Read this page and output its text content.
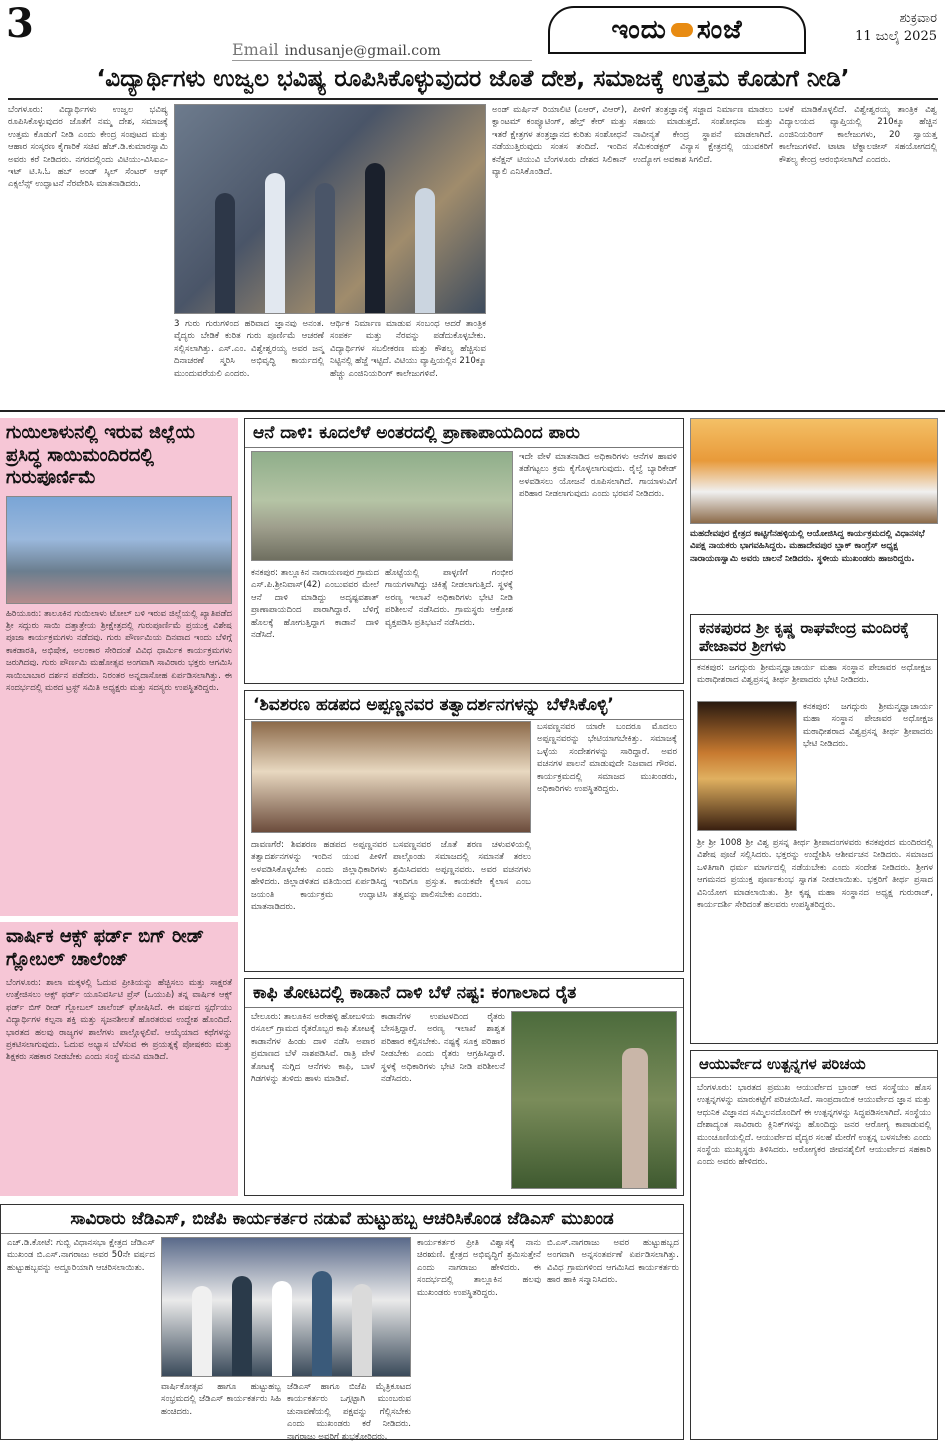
3
Email indusanje@gmail.com
ಇಂದು ಸಂಜೆ	ಶುಕ್ರವಾರ
11 ಜುಲೈ 2025
‘ವಿದ್ಯಾರ್ಥಿಗಳು ಉಜ್ವಲ ಭವಿಷ್ಯ ರೂಪಿಸಿಕೊಳ್ಳುವುದರ ಜೊತೆ ದೇಶ, ಸಮಾಜಕ್ಕೆ ಉತ್ತಮ ಕೊಡುಗೆ ನೀಡಿ’
ಬೆಂಗಳೂರು: ವಿದ್ಯಾರ್ಥಿಗಳು ಉಜ್ವಲ ಭವಿಷ್ಯ ರೂಪಿಸಿಕೊಳ್ಳುವುದರ ಜೊತೆಗೆ ನಮ್ಮ ದೇಶ, ಸಮಾಜಕ್ಕೆ ಉತ್ತಮ ಕೊಡುಗೆ ನೀಡಿ ಎಂದು ಕೇಂದ್ರ ಸಂಪುಟದ ಮತ್ತು ಆಹಾರ ಸಂಸ್ಕರಣ ಕೈಗಾರಿಕೆ ಸಚಿವ ಹೆಚ್.ಡಿ.ಕುಮಾರಸ್ವಾಮಿ ಅವರು ಕರೆ ನೀಡಿದರು. ನಗರದಲ್ಲಿಂದು ವಿಟಿಯು-ವಿಸಿಐಎ-ಇಟ್ ಟಿ.ಸಿ.ಓ ಹಬ್ ಅಂಡ್ ಸ್ಕಿಲ್ ಸೆಂಟರ್ ಆಫ್ ಎಕ್ಸಲೆನ್ಸ್ ಉದ್ಘಾಟನೆ ನೆರವೇರಿಸಿ ಮಾತನಾಡಿದರು.
3 ಗುರು ಗುರುಗಳಿಂದ ಹರಿವಾದ ಜ್ಞಾನವು ಅನಂತ. ವೈದ್ಯರು ಬೇಡಿಕೆ ಕುರಿತ ಗುರು ಪೂರ್ಣಿಮೆ ಆಚರಣೆ ಸಲ್ಲಿಸಲಾಗಿತ್ತು. ಎಸ್.ಎಂ. ವಿಶ್ವೇಶ್ವರಯ್ಯ ಅವರ ಜನ್ಮ ದಿನಾಚರಣೆ ಸ್ಮರಿಸಿ ಅಭಿವೃದ್ಧಿ ಕಾರ್ಯದಲ್ಲಿ ಮುಂದುವರೆಯಲಿ ಎಂದರು.
ಆರ್ಥಿಕ ನಿರ್ಮಾಣ ಮಾಡುವ ಸಂಬಂಧ ಆದರೆ ತಾಂತ್ರಿಕ ಸಂಪರ್ಕ ಮತ್ತು ನೆರವನ್ನು ಪಡೆದುಕೊಳ್ಳಬೇಕು. ವಿದ್ಯಾರ್ಥಿಗಳ ಸಬಲೀಕರಣ ಮತ್ತು ಕೌಶಲ್ಯ ಹೆಚ್ಚಿಸುವ ನಿಟ್ಟಿನಲ್ಲಿ ಹೆಜ್ಜೆ ಇಟ್ಟಿದೆ. ವಿಟಿಯು ವ್ಯಾಪ್ತಿಯಲ್ಲಿನ 210ಕ್ಕೂ ಹೆಚ್ಚು ಎಂಜಿನಿಯರಿಂಗ್ ಕಾಲೇಜುಗಳಿವೆ.
ಅಂಡ್ ಮರ್ಷಿನ್ ರಿಯಾಲಿಟಿ (ಎಆರ್, ವಿಆರ್), ಕ್ವಾಂಟಮ್ ಕಂಪ್ಯೂಟಿಂಗ್, ಹೆಲ್ತ್ ಕೇರ್ ಮತ್ತು ಇತರೆ ಕ್ಷೇತ್ರಗಳ ತಂತ್ರಜ್ಞಾನದ ಕುರಿತು ಸಂಶೋಧನೆ ನಡೆಯುತ್ತಿರುವುದು ಸಂತಸ ತಂದಿದೆ. ಇಂದಿನ ಕನೆಕ್ಷನ್ ಟಿಯುವಿ ಬೆಂಗಳೂರು ದೇಶದ ಸಿಲಿಕಾನ್ ವ್ಯಾಲಿ ಎನಿಸಿಕೊಂಡಿದೆ.
ಪೀಳಿಗೆ ತಂತ್ರಜ್ಞಾನಕ್ಕೆ ಸಜ್ಜಾದ ನಿರ್ಮಾಣ ಮಾಡಲು ಸಹಾಯ ಮಾಡುತ್ತದೆ. ಸಂಶೋಧನಾ ಮತ್ತು ನಾವೀನ್ಯತೆ ಕೇಂದ್ರ ಸ್ಥಾಪನೆ ಮಾಡಲಾಗಿದೆ. ಸೆಮಿಕಂಡಕ್ಟರ್ ವಿನ್ಯಾಸ ಕ್ಷೇತ್ರದಲ್ಲಿ ಯುವಕರಿಗೆ ಉದ್ಯೋಗ ಅವಕಾಶ ಸಿಗಲಿದೆ.
ಬಳಕೆ ಮಾಡಿಕೊಳ್ಳಲಿದೆ. ವಿಶ್ವೇಶ್ವರಯ್ಯ ತಾಂತ್ರಿಕ ವಿಶ್ವ ವಿದ್ಯಾಲಯದ ವ್ಯಾಪ್ತಿಯಲ್ಲಿ 210ಕ್ಕೂ ಹೆಚ್ಚಿನ ಎಂಜಿನಿಯರಿಂಗ್ ಕಾಲೇಜುಗಳು, 20 ಸ್ವಾಯತ್ತ ಕಾಲೇಜುಗಳಿವೆ. ಟಾಟಾ ಟೆಕ್ನಾಲಜೀಸ್ ಸಹಯೋಗದಲ್ಲಿ ಕೌಶಲ್ಯ ಕೇಂದ್ರ ಆರಂಭಿಸಲಾಗಿದೆ ಎಂದರು.
ಗುಯಿಲಾಳುನಲ್ಲಿ ಇರುವ ಜಿಲ್ಲೆಯ ಪ್ರಸಿದ್ಧ ಸಾಯಿಮಂದಿರದಲ್ಲಿ ಗುರುಪೂರ್ಣಿಮೆ
ಹಿರಿಯೂರು: ತಾಲೂಕಿನ ಗುಯಿಲಾಳು ಟೋಲ್ ಬಳಿ ಇರುವ ಜಿಲ್ಲೆಯಲ್ಲಿ ಖ್ಯಾತಿಪಡೆದ ಶ್ರೀ ಸದ್ಗುರು ಸಾಯಿ ದತ್ತಾತ್ರೇಯ ಶ್ರೀಕ್ಷೇತ್ರದಲ್ಲಿ ಗುರುಪೂರ್ಣಿಮೆ ಪ್ರಯುಕ್ತ ವಿಶೇಷ ಪೂಜಾ ಕಾರ್ಯಕ್ರಮಗಳು ನಡೆದವು. ಗುರು ಪೌರ್ಣಮಿಯ ದಿನವಾದ ಇಂದು ಬೆಳಿಗ್ಗೆ ಕಾಕಡಾರತಿ, ಅಭಿಷೇಕ, ಅಲಂಕಾರ ಸೇರಿದಂತೆ ವಿವಿಧ ಧಾರ್ಮಿಕ ಕಾರ್ಯಕ್ರಮಗಳು ಜರುಗಿದವು. ಗುರು ಪೌರ್ಣಮಿ ಮಹೋತ್ಸವ ಅಂಗವಾಗಿ ಸಾವಿರಾರು ಭಕ್ತರು ಆಗಮಿಸಿ ಸಾಯಿಬಾಬಾರ ದರ್ಶನ ಪಡೆದರು. ನಿರಂತರ ಅನ್ನದಾಸೋಹ ಏರ್ಪಡಿಸಲಾಗಿತ್ತು. ಈ ಸಂದರ್ಭದಲ್ಲಿ ಮಠದ ಟ್ರಸ್ಟ್ ಸಮಿತಿ ಅಧ್ಯಕ್ಷರು ಮತ್ತು ಸದಸ್ಯರು ಉಪಸ್ಥಿತರಿದ್ದರು.
ವಾರ್ಷಿಕ ಆಕ್ಸ್ ಫರ್ಡ್ ಬಿಗ್ ರೀಡ್ ಗ್ಲೋಬಲ್ ಚಾಲೆಂಜ್
ಬೆಂಗಳೂರು: ಶಾಲಾ ಮಕ್ಕಳಲ್ಲಿ ಓದುವ ಪ್ರೀತಿಯನ್ನು ಹೆಚ್ಚಿಸಲು ಮತ್ತು ಸಾಕ್ಷರತೆ ಉತ್ತೇಜಿಸಲು ಆಕ್ಸ್ ಫರ್ಡ್ ಯೂನಿವರ್ಸಿಟಿ ಪ್ರೆಸ್ (ಒಯುಪಿ) ತನ್ನ ವಾರ್ಷಿಕ ಆಕ್ಸ್ ಫರ್ಡ್ ಬಿಗ್ ರೀಡ್ ಗ್ಲೋಬಲ್ ಚಾಲೆಂಜ್ ಘೋಷಿಸಿದೆ. ಈ ವರ್ಷದ ಸ್ಪರ್ಧೆಯು ವಿದ್ಯಾರ್ಥಿಗಳ ಕಲ್ಪನಾ ಶಕ್ತಿ ಮತ್ತು ಸೃಜನಶೀಲತೆ ಹೊರತರುವ ಉದ್ದೇಶ ಹೊಂದಿದೆ. ಭಾರತದ ಹಲವು ರಾಜ್ಯಗಳ ಶಾಲೆಗಳು ಪಾಲ್ಗೊಳ್ಳಲಿವೆ. ಆಯ್ಕೆಯಾದ ಕಥೆಗಳನ್ನು ಪ್ರಕಟಿಸಲಾಗುವುದು. ಓದುವ ಅಭ್ಯಾಸ ಬೆಳೆಸುವ ಈ ಪ್ರಯತ್ನಕ್ಕೆ ಪೋಷಕರು ಮತ್ತು ಶಿಕ್ಷಕರು ಸಹಕಾರ ನೀಡಬೇಕು ಎಂದು ಸಂಸ್ಥೆ ಮನವಿ ಮಾಡಿದೆ.
ಆನೆ ದಾಳಿ: ಕೂದಲೆಳೆ ಅಂತರದಲ್ಲಿ ಪ್ರಾಣಾಪಾಯದಿಂದ ಪಾರು
ಇದೇ ವೇಳೆ ಮಾತನಾಡಿದ ಅಧಿಕಾರಿಗಳು ಆನೆಗಳ ಹಾವಳಿ ತಡೆಗಟ್ಟಲು ಕ್ರಮ ಕೈಗೊಳ್ಳಲಾಗುವುದು. ರೈಲ್ವೆ ಬ್ಯಾರಿಕೇಡ್ ಅಳವಡಿಸಲು ಯೋಜನೆ ರೂಪಿಸಲಾಗಿದೆ. ಗಾಯಾಳುವಿಗೆ ಪರಿಹಾರ ನೀಡಲಾಗುವುದು ಎಂದು ಭರವಸೆ ನೀಡಿದರು.
ಕನಕಪುರ: ತಾಲ್ಲೂಕಿನ ನಾರಾಯಣಪುರ ಗ್ರಾಮದ ಎಸ್.ಪಿ.ಶ್ರೀನಿವಾಸ್(42) ಎಂಬುವವರ ಮೇಲೆ ಆನೆ ದಾಳಿ ಮಾಡಿದ್ದು ಅದೃಷ್ಟವಶಾತ್ ಪ್ರಾಣಾಪಾಯದಿಂದ ಪಾರಾಗಿದ್ದಾರೆ. ಬೆಳಿಗ್ಗೆ ಹೊಲಕ್ಕೆ ಹೋಗುತ್ತಿದ್ದಾಗ ಕಾಡಾನೆ ದಾಳಿ ನಡೆಸಿದೆ.
ಹೊಟ್ಟೆಯಲ್ಲಿ ಪಾಳ್ಳಣಿಗೆ ಗಂಭೀರ ಗಾಯಗಳಾಗಿದ್ದು ಚಿಕಿತ್ಸೆ ನೀಡಲಾಗುತ್ತಿದೆ. ಸ್ಥಳಕ್ಕೆ ಅರಣ್ಯ ಇಲಾಖೆ ಅಧಿಕಾರಿಗಳು ಭೇಟಿ ನೀಡಿ ಪರಿಶೀಲನೆ ನಡೆಸಿದರು. ಗ್ರಾಮಸ್ಥರು ಆಕ್ರೋಶ ವ್ಯಕ್ತಪಡಿಸಿ ಪ್ರತಿಭಟನೆ ನಡೆಸಿದರು.
‘ಶಿವಶರಣ ಹಡಪದ ಅಪ್ಪಣ್ಣನವರ ತತ್ವಾದರ್ಶನಗಳನ್ನು ಬೆಳೆಸಿಕೊಳ್ಳಿ’
ಬಸವಣ್ಣನವರ ಯಾರೇ ಬಂದರೂ ಮೊದಲು ಅಪ್ಪಣ್ಣನವರನ್ನು ಭೇಟಿಯಾಗಬೇಕಿತ್ತು. ಸಮಾಜಕ್ಕೆ ಒಳ್ಳೆಯ ಸಂದೇಶಗಳನ್ನು ಸಾರಿದ್ದಾರೆ. ಅವರ ವಚನಗಳ ಪಾಲನೆ ಮಾಡುವುದೇ ನಿಜವಾದ ಗೌರವ. ಕಾರ್ಯಕ್ರಮದಲ್ಲಿ ಸಮಾಜದ ಮುಖಂಡರು, ಅಧಿಕಾರಿಗಳು ಉಪಸ್ಥಿತರಿದ್ದರು.
ದಾವಣಗೆರೆ: ಶಿವಶರಣ ಹಡಪದ ಅಪ್ಪಣ್ಣನವರ ತತ್ವಾದರ್ಶನಗಳನ್ನು ಇಂದಿನ ಯುವ ಪೀಳಿಗೆ ಅಳವಡಿಸಿಕೊಳ್ಳಬೇಕು ಎಂದು ಜಿಲ್ಲಾಧಿಕಾರಿಗಳು ಹೇಳಿದರು. ಜಿಲ್ಲಾಡಳಿತದ ವತಿಯಿಂದ ಏರ್ಪಡಿಸಿದ್ದ ಜಯಂತಿ ಕಾರ್ಯಕ್ರಮ ಉದ್ಘಾಟಿಸಿ ಮಾತನಾಡಿದರು.
ಬಸವಣ್ಣನವರ ಜೊತೆ ಶರಣ ಚಳುವಳಿಯಲ್ಲಿ ಪಾಲ್ಗೊಂಡು ಸಮಾಜದಲ್ಲಿ ಸಮಾನತೆ ತರಲು ಶ್ರಮಿಸಿದವರು ಅಪ್ಪಣ್ಣನವರು. ಅವರ ವಚನಗಳು ಇಂದಿಗೂ ಪ್ರಸ್ತುತ. ಕಾಯಕವೇ ಕೈಲಾಸ ಎಂಬ ತತ್ವವನ್ನು ಪಾಲಿಸಬೇಕು ಎಂದರು.
ಕಾಫಿ ತೋಟದಲ್ಲಿ ಕಾಡಾನೆ ದಾಳಿ ಬೆಳೆ ನಷ್ಟ: ಕಂಗಾಲಾದ ರೈತ
ಬೇಲೂರು: ತಾಲೂಕಿನ ಅರೇಹಳ್ಳಿ ಹೋಬಳಿಯ ರಸೂಲ್ ಗ್ರಾಮದ ರೈತರೊಬ್ಬರ ಕಾಫಿ ತೋಟಕ್ಕೆ ಕಾಡಾನೆಗಳ ಹಿಂಡು ದಾಳಿ ನಡೆಸಿ ಅಪಾರ ಪ್ರಮಾಣದ ಬೆಳೆ ನಾಶಪಡಿಸಿವೆ. ರಾತ್ರಿ ವೇಳೆ ತೋಟಕ್ಕೆ ನುಗ್ಗಿದ ಆನೆಗಳು ಕಾಫಿ, ಬಾಳೆ ಗಿಡಗಳನ್ನು ತುಳಿದು ಹಾಳು ಮಾಡಿವೆ.
ಕಾಡಾನೆಗಳ ಉಪಟಳದಿಂದ ರೈತರು ಬೇಸತ್ತಿದ್ದಾರೆ. ಅರಣ್ಯ ಇಲಾಖೆ ಶಾಶ್ವತ ಪರಿಹಾರ ಕಲ್ಪಿಸಬೇಕು. ನಷ್ಟಕ್ಕೆ ಸೂಕ್ತ ಪರಿಹಾರ ನೀಡಬೇಕು ಎಂದು ರೈತರು ಆಗ್ರಹಿಸಿದ್ದಾರೆ. ಸ್ಥಳಕ್ಕೆ ಅಧಿಕಾರಿಗಳು ಭೇಟಿ ನೀಡಿ ಪರಿಶೀಲನೆ ನಡೆಸಿದರು.
ಮಹದೇವಪುರ ಕ್ಷೇತ್ರದ ಕಾಟ್ಟಿಗೆನಹಳ್ಳಿಯಲ್ಲಿ ಆಯೋಜಿಸಿದ್ದ ಕಾರ್ಯಕ್ರಮದಲ್ಲಿ ವಿಧಾನಸಭೆ ವಿಪಕ್ಷ ನಾಯಕರು ಭಾಗವಹಿಸಿದ್ದರು. ಮಹಾದೇವಪುರ ಬ್ಲಾಕ್ ಕಾಂಗ್ರೆಸ್ ಅಧ್ಯಕ್ಷ ನಾರಾಯಣಸ್ವಾಮಿ ಅವರು ಚಾಲನೆ ನೀಡಿದರು. ಸ್ಥಳೀಯ ಮುಖಂಡರು ಹಾಜರಿದ್ದರು.
ಕನಕಪುರದ ಶ್ರೀ ಕೃಷ್ಣ ರಾಘವೇಂದ್ರ ಮಂದಿರಕ್ಕೆ ಪೇಜಾವರ ಶ್ರೀಗಳು
ಕನಕಪುರ: ಜಗದ್ಗುರು ಶ್ರೀಮನ್ಮಧ್ವಾಚಾರ್ಯ ಮಹಾ ಸಂಸ್ಥಾನ ಪೇಜಾವರ ಅಧೋಕ್ಷಜ ಮಠಾಧೀಶರಾದ ವಿಶ್ವಪ್ರಸನ್ನ ತೀರ್ಥ ಶ್ರೀಪಾದರು ಭೇಟಿ ನೀಡಿದರು.
ಕನಕಪುರ: ಜಗದ್ಗುರು ಶ್ರೀಮನ್ಮಧ್ವಾಚಾರ್ಯ ಮಹಾ ಸಂಸ್ಥಾನ ಪೇಜಾವರ ಅಧೋಕ್ಷಜ ಮಠಾಧೀಶರಾದ ವಿಶ್ವಪ್ರಸನ್ನ ತೀರ್ಥ ಶ್ರೀಪಾದರು ಭೇಟಿ ನೀಡಿದರು.
ಶ್ರೀ ಶ್ರೀ 1008 ಶ್ರೀ ವಿಶ್ವ ಪ್ರಸನ್ನ ತೀರ್ಥ ಶ್ರೀಪಾದಂಗಳವರು ಕನಕಪುರದ ಮಂದಿರದಲ್ಲಿ ವಿಶೇಷ ಪೂಜೆ ಸಲ್ಲಿಸಿದರು. ಭಕ್ತರನ್ನು ಉದ್ದೇಶಿಸಿ ಆಶೀರ್ವಚನ ನೀಡಿದರು. ಸಮಾಜದ ಒಳಿತಿಗಾಗಿ ಧರ್ಮ ಮಾರ್ಗದಲ್ಲಿ ನಡೆಯಬೇಕು ಎಂದು ಸಂದೇಶ ನೀಡಿದರು. ಶ್ರೀಗಳ ಆಗಮನದ ಪ್ರಯುಕ್ತ ಪೂರ್ಣಕುಂಭ ಸ್ವಾಗತ ನೀಡಲಾಯಿತು. ಭಕ್ತರಿಗೆ ತೀರ್ಥ ಪ್ರಸಾದ ವಿನಿಯೋಗ ಮಾಡಲಾಯಿತು. ಶ್ರೀ ಕೃಷ್ಣ ಮಹಾ ಸಂಸ್ಥಾನದ ಅಧ್ಯಕ್ಷ ಗುರುರಾಜ್, ಕಾರ್ಯದರ್ಶಿ ಸೇರಿದಂತೆ ಹಲವರು ಉಪಸ್ಥಿತರಿದ್ದರು.
ಆಯುರ್ವೇದ ಉತ್ಪನ್ನಗಳ ಪರಿಚಯ
ಬೆಂಗಳೂರು: ಭಾರತದ ಪ್ರಮುಖ ಆಯುರ್ವೇದ ಬ್ರಾಂಡ್ ಆದ ಸಂಸ್ಥೆಯು ಹೊಸ ಉತ್ಪನ್ನಗಳನ್ನು ಮಾರುಕಟ್ಟೆಗೆ ಪರಿಚಯಿಸಿದೆ. ಸಾಂಪ್ರದಾಯಿಕ ಆಯುರ್ವೇದ ಜ್ಞಾನ ಮತ್ತು ಆಧುನಿಕ ವಿಜ್ಞಾನದ ಸಮ್ಮಿಲನದೊಂದಿಗೆ ಈ ಉತ್ಪನ್ನಗಳನ್ನು ಸಿದ್ಧಪಡಿಸಲಾಗಿದೆ. ಸಂಸ್ಥೆಯು ದೇಶಾದ್ಯಂತ ಸಾವಿರಾರು ಕ್ಲಿನಿಕ್‌ಗಳನ್ನು ಹೊಂದಿದ್ದು ಜನರ ಆರೋಗ್ಯ ಕಾಪಾಡುವಲ್ಲಿ ಮುಂಚೂಣಿಯಲ್ಲಿದೆ. ಆಯುರ್ವೇದ ವೈದ್ಯರ ಸಲಹೆ ಮೇರೆಗೆ ಉತ್ಪನ್ನ ಬಳಸಬೇಕು ಎಂದು ಸಂಸ್ಥೆಯ ಮುಖ್ಯಸ್ಥರು ತಿಳಿಸಿದರು. ಆರೋಗ್ಯಕರ ಜೀವನಶೈಲಿಗೆ ಆಯುರ್ವೇದ ಸಹಕಾರಿ ಎಂದು ಅವರು ಹೇಳಿದರು.
ಸಾವಿರಾರು ಜೆಡಿಎಸ್, ಬಿಜೆಪಿ ಕಾರ್ಯಕರ್ತರ ನಡುವೆ ಹುಟ್ಟುಹಬ್ಬ ಆಚರಿಸಿಕೊಂಡ ಜೆಡಿಎಸ್ ಮುಖಂಡ
ಎಚ್.ಡಿ.ಕೋಟೆ: ಗುಬ್ಬಿ ವಿಧಾನಸಭಾ ಕ್ಷೇತ್ರದ ಜೆಡಿಎಸ್ ಮುಖಂಡ ಬಿ.ಎಸ್.ನಾಗರಾಜು ಅವರ 50ನೇ ವರ್ಷದ ಹುಟ್ಟುಹಬ್ಬವನ್ನು ಅದ್ದೂರಿಯಾಗಿ ಆಚರಿಸಲಾಯಿತು.
ವಾರ್ಷಿಕೋತ್ಸವ ಹಾಗೂ ಹುಟ್ಟುಹಬ್ಬ ಸಂಭ್ರಮದಲ್ಲಿ ಜೆಡಿಎಸ್ ಕಾರ್ಯಕರ್ತರು ಸಿಹಿ ಹಂಚಿದರು.
ಜೆಡಿಎಸ್ ಹಾಗೂ ಬಿಜೆಪಿ ಮೈತ್ರಿಕೂಟದ ಕಾರ್ಯಕರ್ತರು ಒಗ್ಗಟ್ಟಾಗಿ ಮುಂಬರುವ ಚುನಾವಣೆಯಲ್ಲಿ ಪಕ್ಷವನ್ನು ಗೆಲ್ಲಿಸಬೇಕು ಎಂದು ಮುಖಂಡರು ಕರೆ ನೀಡಿದರು. ನಾಗರಾಜು ಅವರಿಗೆ ಶುಭಕೋರಿದರು.
ಕಾರ್ಯಕರ್ತರ ಪ್ರೀತಿ ವಿಶ್ವಾಸಕ್ಕೆ ನಾನು ಚಿರಋಣಿ. ಕ್ಷೇತ್ರದ ಅಭಿವೃದ್ಧಿಗೆ ಶ್ರಮಿಸುತ್ತೇನೆ ಎಂದು ನಾಗರಾಜು ಹೇಳಿದರು. ಈ ಸಂದರ್ಭದಲ್ಲಿ ತಾಲ್ಲೂಕಿನ ಹಲವು ಮುಖಂಡರು ಉಪಸ್ಥಿತರಿದ್ದರು.
ಬಿ.ಎಸ್.ನಾಗರಾಜು ಅವರ ಹುಟ್ಟುಹಬ್ಬದ ಅಂಗವಾಗಿ ಅನ್ನಸಂತರ್ಪಣೆ ಏರ್ಪಡಿಸಲಾಗಿತ್ತು. ವಿವಿಧ ಗ್ರಾಮಗಳಿಂದ ಆಗಮಿಸಿದ ಕಾರ್ಯಕರ್ತರು ಹಾರ ಹಾಕಿ ಸನ್ಮಾನಿಸಿದರು.
